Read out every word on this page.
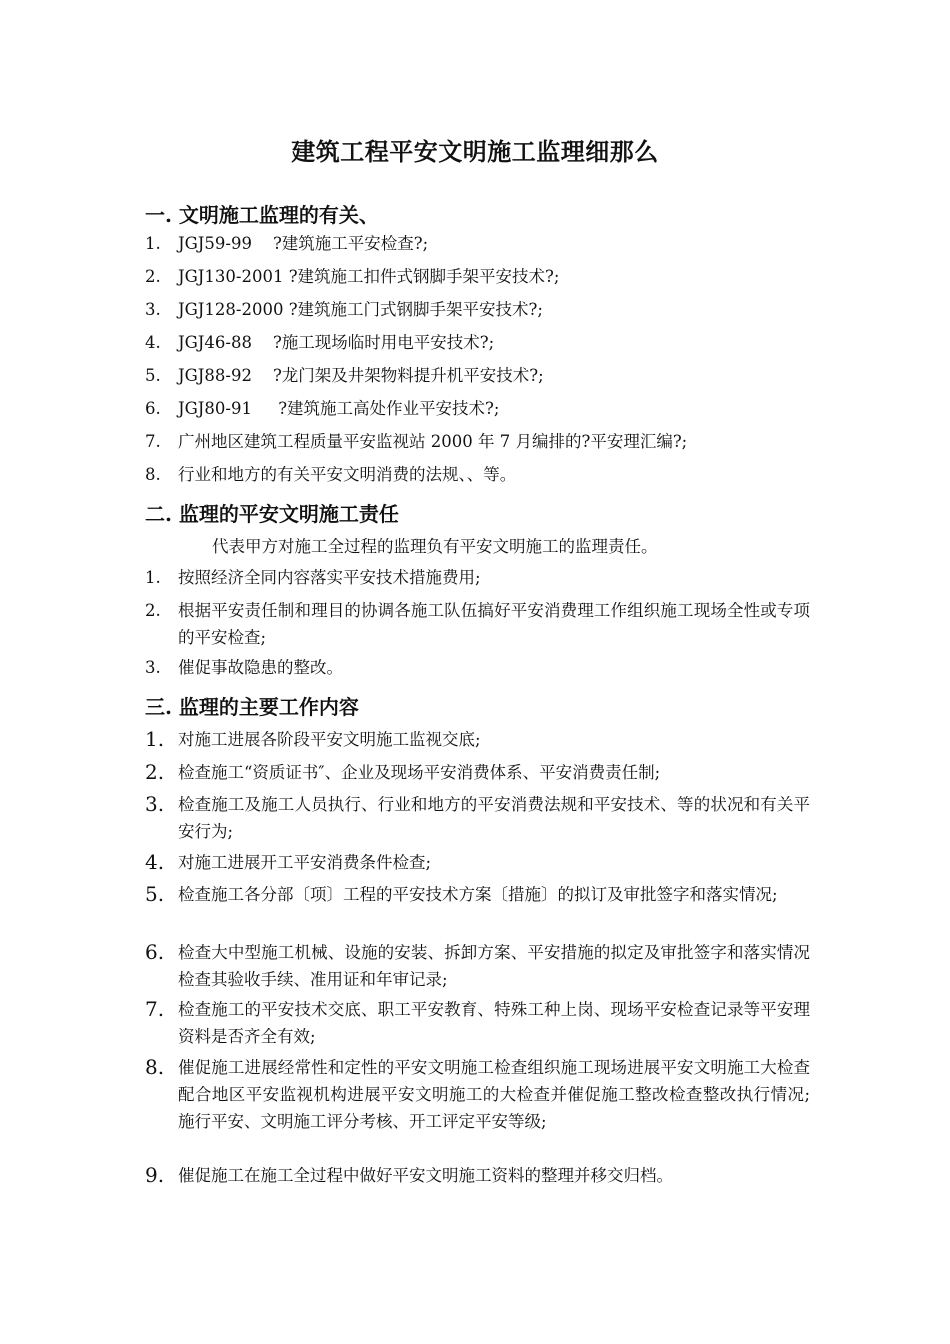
建筑工程平安文明施工监理细那么
一. 文明施工监理的有关、
1. JGJ59-99    ?建筑施工平安检查?;
2. JGJ130-2001 ?建筑施工扣件式钢脚手架平安技术?;
3. JGJ128-2000 ?建筑施工门式钢脚手架平安技术?;
4. JGJ46-88    ?施工现场临时用电平安技术?;
5. JGJ88-92    ?龙门架及井架物料提升机平安技术?;
6. JGJ80-91     ?建筑施工高处作业平安技术?;
7. 广州地区建筑工程质量平安监视站 2000 年 7 月编排的?平安理汇编?;
8. 行业和地方的有关平安文明消费的法规、、等。
二. 监理的平安文明施工责任
代表甲方对施工全过程的监理负有平安文明施工的监理责任。
1. 按照经济全同内容落实平安技术措施费用;
2. 根据平安责任制和理目的协调各施工队伍搞好平安消费理工作组织施工现场全性或专项的平安检查;
3. 催促事故隐患的整改。
三. 监理的主要工作内容
1. 对施工进展各阶段平安文明施工监视交底;
2. 检查施工“资质证书″、企业及现场平安消费体系、平安消费责任制;
3. 检查施工及施工人员执行、行业和地方的平安消费法规和平安技术、等的状况和有关平安行为;
4. 对施工进展开工平安消费条件检查;
5. 检查施工各分部〔项〕工程的平安技术方案〔措施〕的拟订及审批签字和落实情况;
6. 检查大中型施工机械、设施的安装、拆卸方案、平安措施的拟定及审批签字和落实情况检查其验收手续、准用证和年审记录;
7. 检查施工的平安技术交底、职工平安教育、特殊工种上岗、现场平安检查记录等平安理资料是否齐全有效;
8. 催促施工进展经常性和定性的平安文明施工检查组织施工现场进展平安文明施工大检查配合地区平安监视机构进展平安文明施工的大检查并催促施工整改检查整改执行情况;施行平安、文明施工评分考核、开工评定平安等级;
9. 催促施工在施工全过程中做好平安文明施工资料的整理并移交归档。
